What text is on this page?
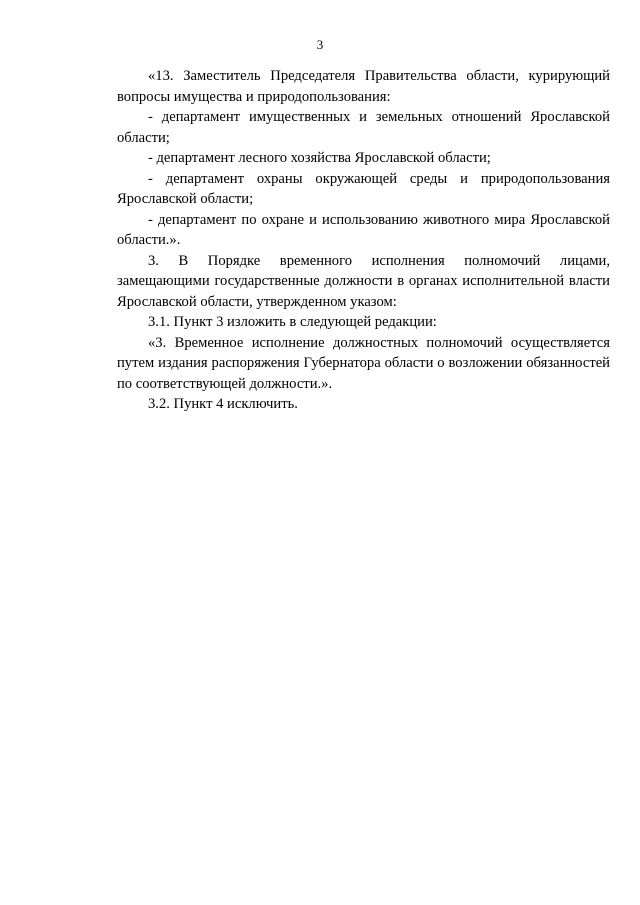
3

«13. Заместитель Председателя Правительства области, курирующий вопросы имущества и природопользования:

- департамент имущественных и земельных отношений Ярославской области;

- департамент лесного хозяйства Ярославской области;

- департамент охраны окружающей среды и природопользования Ярославской области;

- департамент по охране и использованию животного мира Ярославской области.».

3. В Порядке временного исполнения полномочий лицами, замещающими государственные должности в органах исполнительной власти Ярославской области, утвержденном указом:

3.1. Пункт 3 изложить в следующей редакции:

«3. Временное исполнение должностных полномочий осуществляется путем издания распоряжения Губернатора области о возложении обязанностей по соответствующей должности.».

3.2. Пункт 4 исключить.
